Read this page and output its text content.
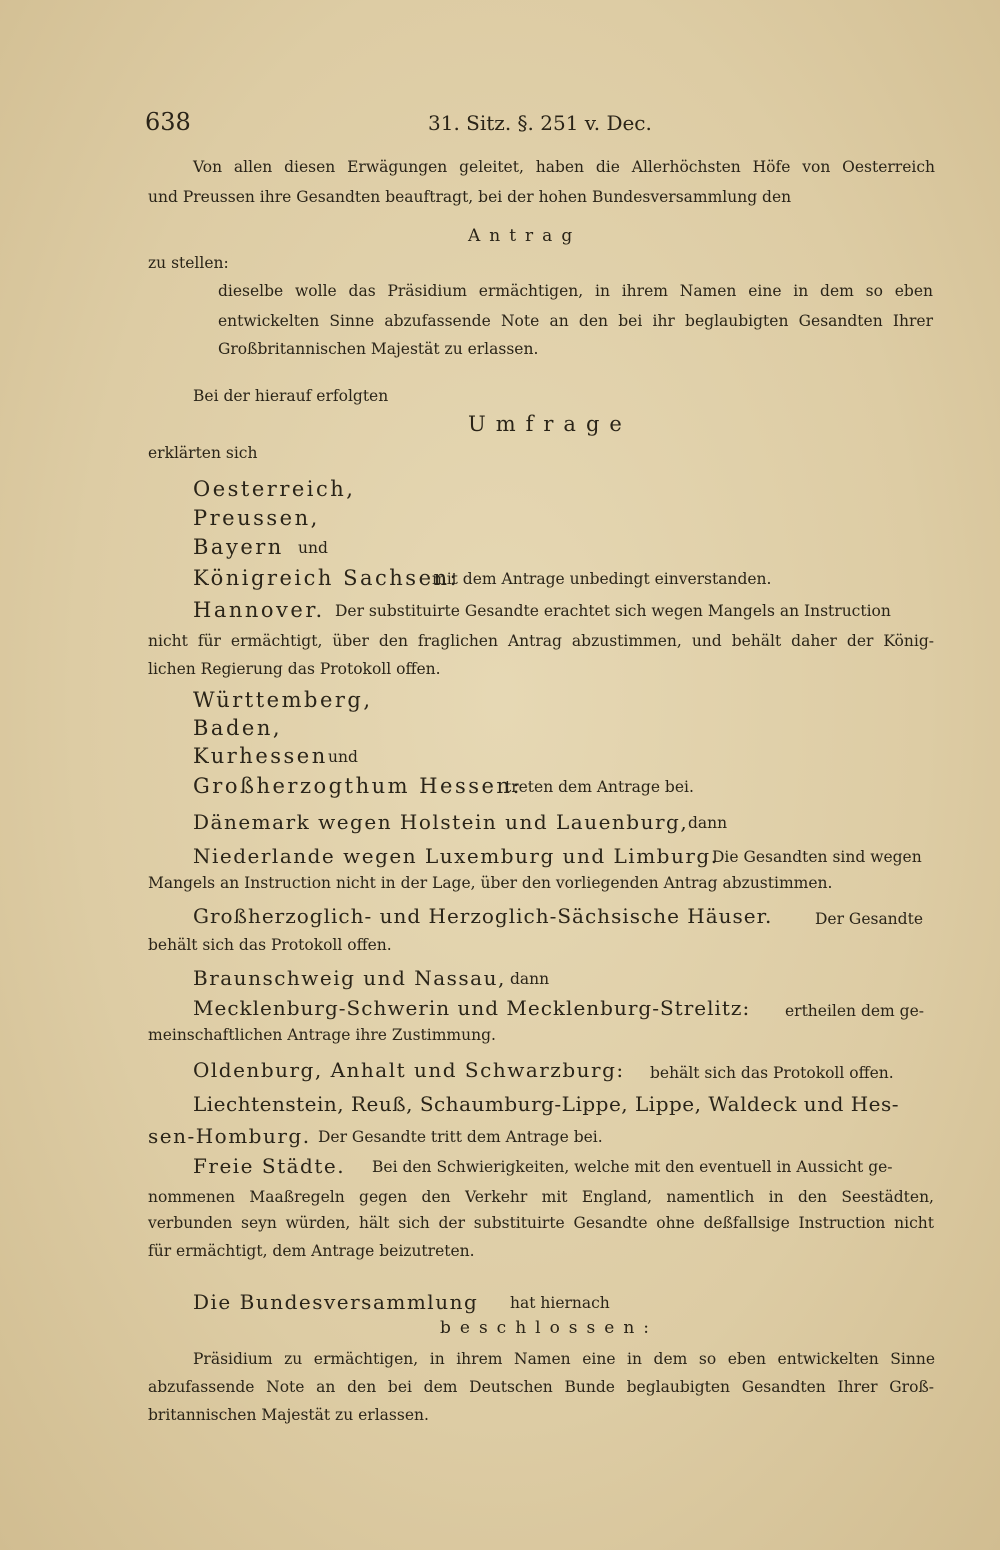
638	31. Sitz. §. 251 v. Dec.
Von allen diesen Erwägungen geleitet, haben die Allerhöchsten Höfe von Oesterreich
und Preussen ihre Gesandten beauftragt, bei der hohen Bundesversammlung den
Antrag
zu stellen:
dieselbe wolle das Präsidium ermächtigen, in ihrem Namen eine in dem so eben
entwickelten Sinne abzufassende Note an den bei ihr beglaubigten Gesandten Ihrer
Großbritannischen Majestät zu erlassen.
Bei der hierauf erfolgten
Umfrage
erklärten sich
Oesterreich,
Preussen,
Bayern und
Königreich Sachsen:
mit dem Antrage unbedingt einverstanden.
Hannover. Der substituirte Gesandte erachtet sich wegen Mangels an Instruction
nicht für ermächtigt, über den fraglichen Antrag abzustimmen, und behält daher der König-
lichen Regierung das Protokoll offen.
Württemberg,
Baden,
Kurhessen und
Großherzogthum Hessen:
treten dem Antrage bei.
Dänemark wegen Holstein und Lauenburg, dann
Niederlande wegen Luxemburg und Limburg.
Die Gesandten sind wegen
Mangels an Instruction nicht in der Lage, über den vorliegenden Antrag abzustimmen.
Großherzoglich- und Herzoglich-Sächsische Häuser.	Der Gesandte
behält sich das Protokoll offen.
Braunschweig und Nassau, dann
Mecklenburg-Schwerin und Mecklenburg-Strelitz: ertheilen dem ge-
meinschaftlichen Antrage ihre Zustimmung.
Oldenburg, Anhalt und Schwarzburg: behält sich das Protokoll offen.
Liechtenstein, Reuß, Schaumburg-Lippe, Lippe, Waldeck und Hes-
sen-Homburg. Der Gesandte tritt dem Antrage bei.
Freie Städte. Bei den Schwierigkeiten, welche mit den eventuell in Aussicht ge-
nommenen Maaßregeln gegen den Verkehr mit England, namentlich in den Seestädten,
verbunden seyn würden, hält sich der substituirte Gesandte ohne deßfallsige Instruction nicht
für ermächtigt, dem Antrage beizutreten.
Die Bundesversammlung hat hiernach
beschlossen:
Präsidium zu ermächtigen, in ihrem Namen eine in dem so eben entwickelten Sinne
abzufassende Note an den bei dem Deutschen Bunde beglaubigten Gesandten Ihrer Groß-
britannischen Majestät zu erlassen.
